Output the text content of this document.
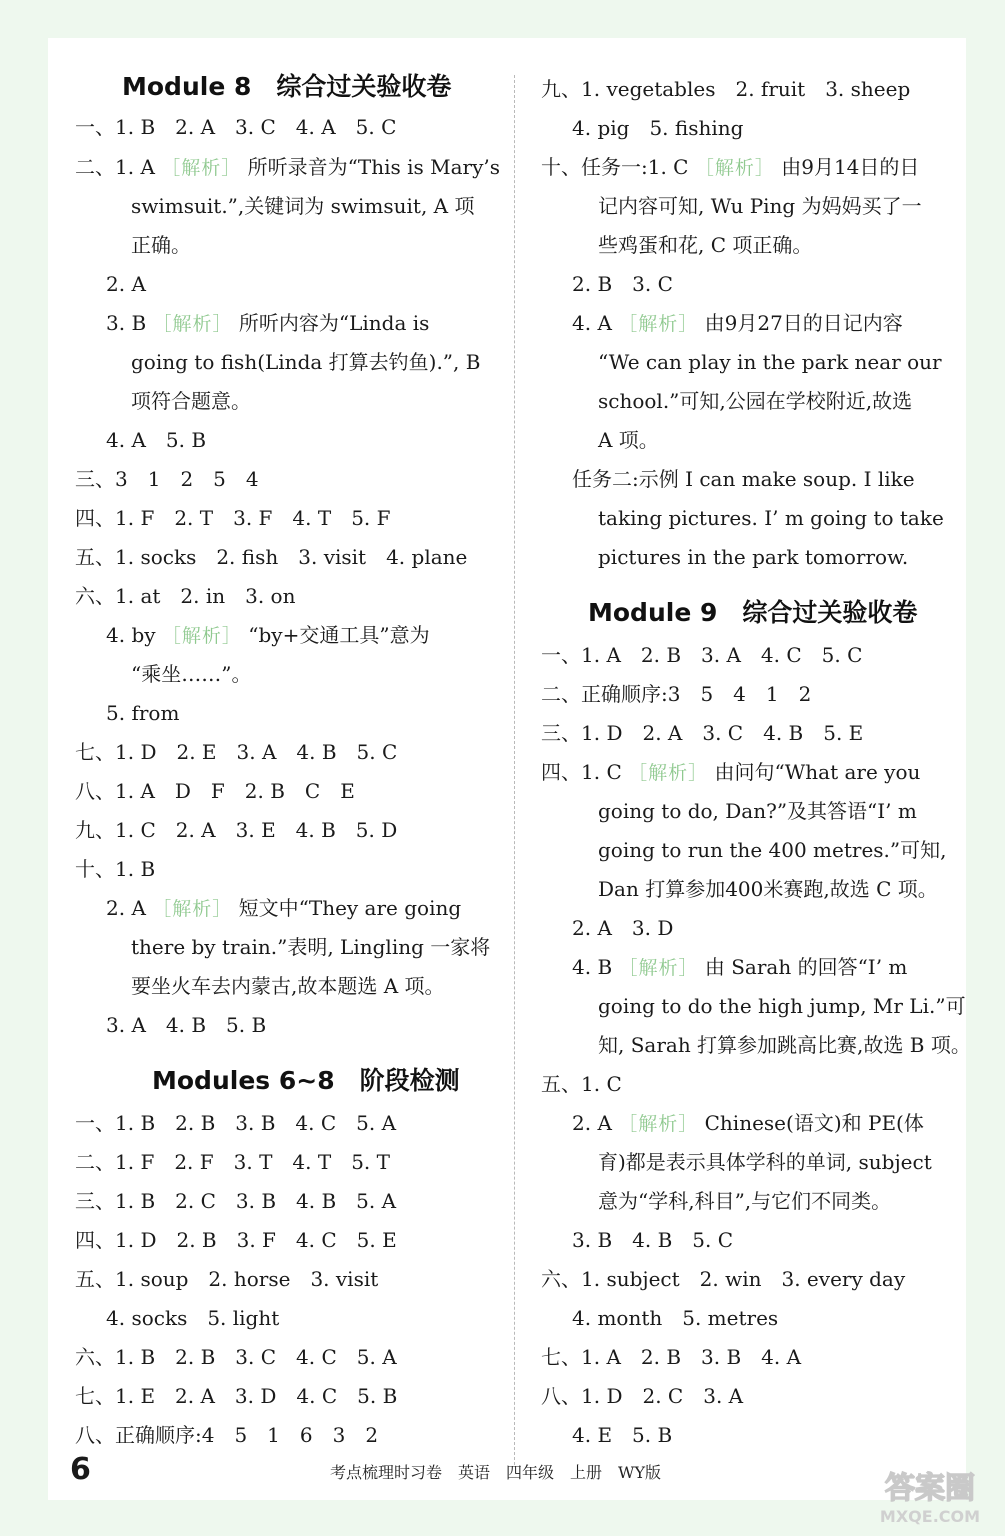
Module 8　综合过关验收卷
一、1. B　2. A　3. C　4. A　5. C
二、1. A ［解析］ 所听录音为“This is Mary’s
swimsuit.”,关键词为 swimsuit, A 项
正确。
2. A
3. B ［解析］ 所听内容为“Linda is
going to fish(Linda 打算去钓鱼).”, B
项符合题意。
4. A　5. B
三、3　1　2　5　4
四、1. F　2. T　3. F　4. T　5. F
五、1. socks　2. fish　3. visit　4. plane
六、1. at　2. in　3. on
4. by ［解析］ “by+交通工具”意为
“乘坐……”。
5. from
七、1. D　2. E　3. A　4. B　5. C
八、1. A　D　F　2. B　C　E
九、1. C　2. A　3. E　4. B　5. D
十、1. B
2. A ［解析］ 短文中“They are going
there by train.”表明, Lingling 一家将
要坐火车去内蒙古,故本题选 A 项。
3. A　4. B　5. B
Modules 6~8　阶段检测
一、1. B　2. B　3. B　4. C　5. A
二、1. F　2. F　3. T　4. T　5. T
三、1. B　2. C　3. B　4. B　5. A
四、1. D　2. B　3. F　4. C　5. E
五、1. soup　2. horse　3. visit
4. socks　5. light
六、1. B　2. B　3. C　4. C　5. A
七、1. E　2. A　3. D　4. C　5. B
八、正确顺序:4　5　1　6　3　2
九、1. vegetables　2. fruit　3. sheep
4. pig　5. fishing
十、任务一:1. C ［解析］ 由9月14日的日
记内容可知, Wu Ping 为妈妈买了一
些鸡蛋和花, C 项正确。
2. B　3. C
4. A ［解析］ 由9月27日的日记内容
“We can play in the park near our
school.”可知,公园在学校附近,故选
A 项。
任务二:示例 I can make soup. I like
taking pictures. I’ m going to take
pictures in the park tomorrow.
Module 9　综合过关验收卷
一、1. A　2. B　3. A　4. C　5. C
二、正确顺序:3　5　4　1　2
三、1. D　2. A　3. C　4. B　5. E
四、1. C ［解析］ 由问句“What are you
going to do, Dan?”及其答语“I’ m
going to run the 400 metres.”可知,
Dan 打算参加400米赛跑,故选 C 项。
2. A　3. D
4. B ［解析］ 由 Sarah 的回答“I’ m
going to do the high jump, Mr Li.”可
知, Sarah 打算参加跳高比赛,故选 B 项。
五、1. C
2. A ［解析］ Chinese(语文)和 PE(体
育)都是表示具体学科的单词, subject
意为“学科,科目”,与它们不同类。
3. B　4. B　5. C
六、1. subject　2. win　3. every day
4. month　5. metres
七、1. A　2. B　3. B　4. A
八、1. D　2. C　3. A
4. E　5. B
6	考点梳理时习卷　英语　四年级　上册　WY版	答案圈
MXQE.COM
